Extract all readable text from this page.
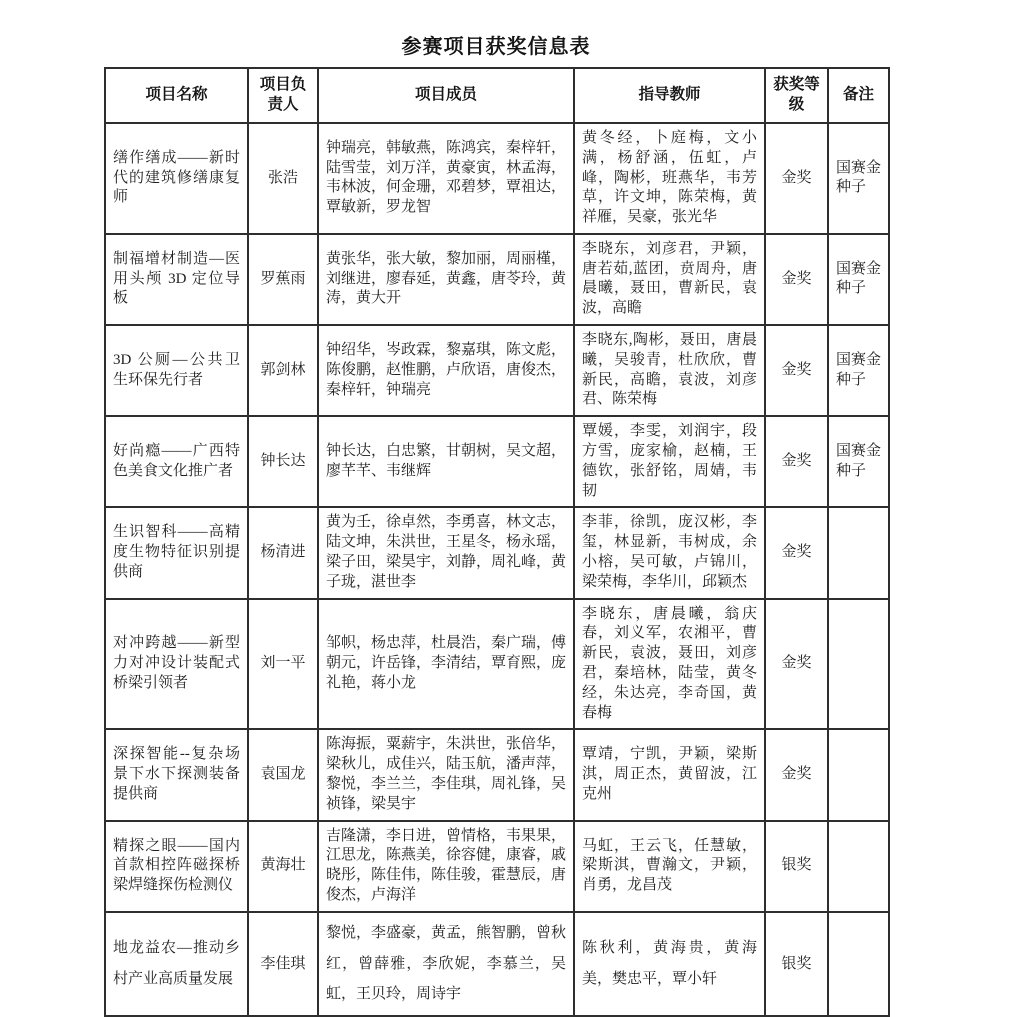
参赛项目获奖信息表
项目名称	项目负责人	项目成员	指导教师	获奖等级	备注
缮作缮成——新时代的建筑修缮康复师	张浩	钟瑞亮，韩敏燕，陈鸿宾，秦梓轩，陆雪莹，刘万洋，黄豪寅，林孟海，韦林波，何金珊，邓碧梦，覃祖达，覃敏新，罗龙智	黄冬经，卜庭梅，文小满，杨舒涵，伍虹，卢峰，陶彬，班燕华，韦芳草，许文坤，陈荣梅，黄祥雁，吴豪，张光华	金奖	国赛金种子
制福增材制造—医用头颅 3D 定位导板	罗蕉雨	黄张华，张大敏，黎加丽，周丽槿，刘继进，廖春延，黄鑫，唐苓玲，黄涛，黄大开	李晓东，刘彦君，尹颖，唐若茹,蓝团，贲周舟，唐晨曦，聂田，曹新民，袁波，高瞻	金奖	国赛金种子
3D 公厕—公共卫生环保先行者	郭剑林	钟绍华，岑政霖，黎嘉琪，陈文彪，陈俊鹏，赵惟鹏，卢欣语，唐俊杰，秦梓轩，钟瑞亮	李晓东,陶彬，聂田，唐晨曦，吴骏青，杜欣欣，曹新民，高瞻，袁波，刘彦君、陈荣梅	金奖	国赛金种子
好尚瘾——广西特色美食文化推广者	钟长达	钟长达，白忠繁，甘朝树，吴文超，廖芊芊、韦继辉	覃媛，李雯，刘润宇，段方雪，庞家榆，赵楠，王德钦，张舒铭，周婧，韦韧	金奖	国赛金种子
生识智科——高精度生物特征识别提供商	杨清进	黄为壬，徐卓然，李勇喜，林文志，陆文坤，朱洪世，王星冬，杨永瑶，梁子田，梁昊宇，刘静，周礼峰，黄子珑，湛世李	李菲，徐凯，庞汉彬，李玺，林显新，韦树成，余小榕，吴可敏，卢锦川，梁荣梅，李华川，邱颖杰	金奖	
对冲跨越——新型力对冲设计装配式桥梁引领者	刘一平	邹帜，杨忠萍，杜晨浩，秦广瑞，傅朝元，许岳锋，李清结，覃育熙，庞礼艳，蒋小龙	李晓东，唐晨曦，翁庆春，刘义军，农湘平，曹新民，袁波，聂田，刘彦君，秦培林，陆莹，黄冬经，朱达亮，李奇国，黄春梅	金奖	
深探智能--复杂场景下水下探测装备提供商	袁国龙	陈海振，粟薪宇，朱洪世，张倍华，梁秋儿，成佳兴，陆玉航，潘声萍，黎悦，李兰兰，李佳琪，周礼锋，吴祯锋，梁昊宇	覃靖，宁凯，尹颖，梁斯淇，周正杰，黄留波，江克州	金奖	
精探之眼——国内首款相控阵磁探桥梁焊缝探伤检测仪	黄海壮	吉隆潇，李日进，曾情格，韦果果，江思龙，陈燕美，徐容健，康睿，戚晓彤，陈佳伟，陈佳骏，霍慧辰，唐俊杰，卢海洋	马虹，王云飞，任慧敏，梁斯淇，曹瀚文，尹颖，肖勇，龙昌茂	银奖	
地龙益农—推动乡村产业高质量发展	李佳琪	黎悦，李盛豪，黄孟，熊智鹏，曾秋红，曾薛雅，李欣妮，李慕兰，吴虹，王贝玲，周诗宇	陈秋利，黄海贵，黄海美，樊忠平，覃小轩	银奖	
